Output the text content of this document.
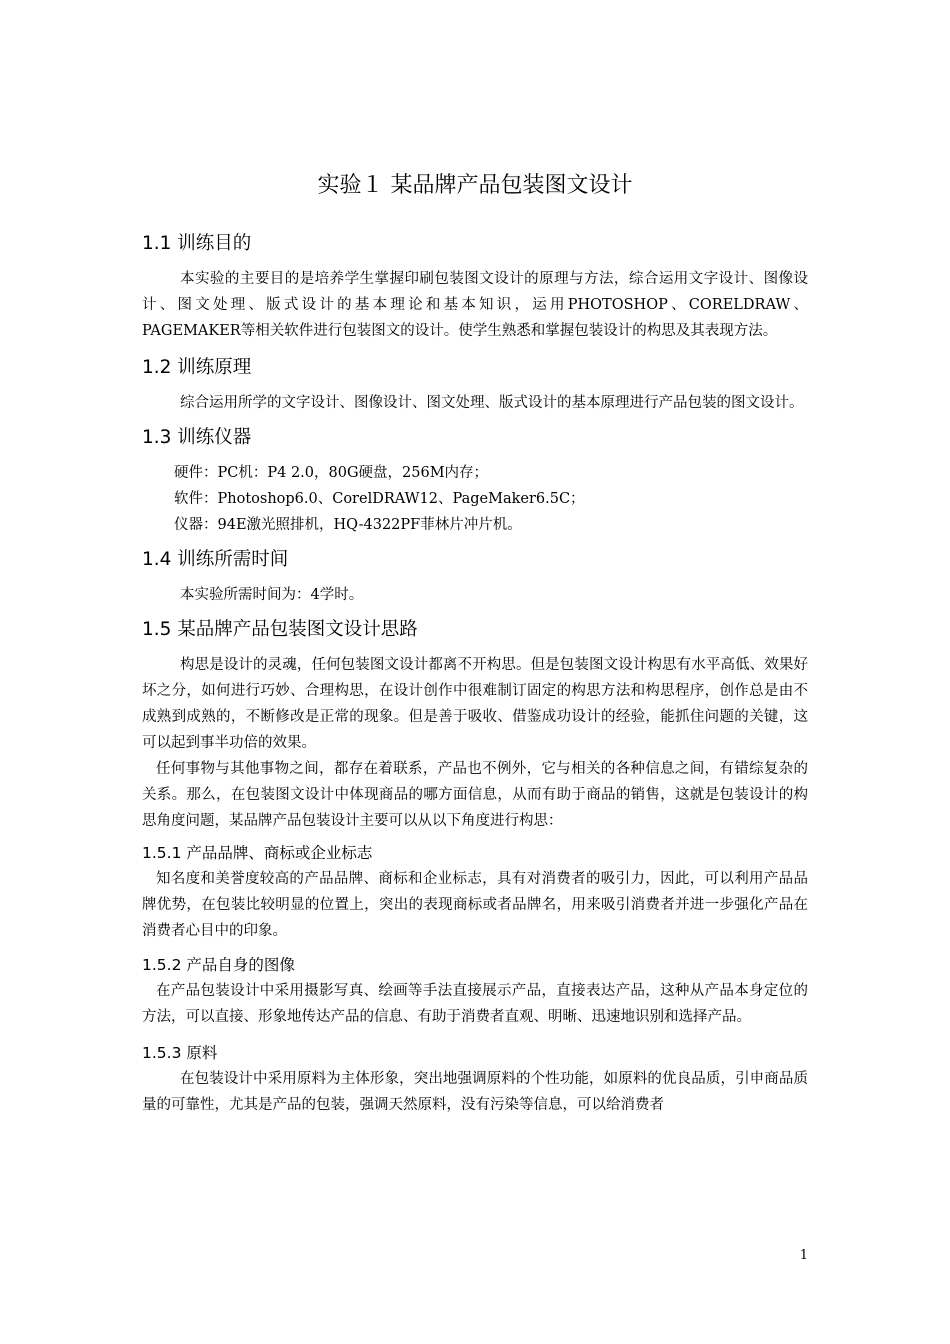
实验１ 某品牌产品包装图文设计
1.1 训练目的

本实验的主要目的是培养学生掌握印刷包装图文设计的原理与方法，综合运用文字设计、图像设计、图文处理、版式设计的基本理论和基本知识，运用PHOTOSHOP、CORELDRAW、PAGEMAKER等相关软件进行包装图文的设计。使学生熟悉和掌握包装设计的构思及其表现方法。

1.2 训练原理

综合运用所学的文字设计、图像设计、图文处理、版式设计的基本原理进行产品包装的图文设计。

1.3 训练仪器

硬件：PC机：P4 2.0，80G硬盘，256M内存；

软件：Photoshop6.0、CorelDRAW12、PageMaker6.5C；

仪器：94E激光照排机，HQ-4322PF菲林片冲片机。

1.4 训练所需时间

本实验所需时间为：4学时。

1.5 某品牌产品包装图文设计思路

构思是设计的灵魂，任何包装图文设计都离不开构思。但是包装图文设计构思有水平高低、效果好坏之分，如何进行巧妙、合理构思，在设计创作中很难制订固定的构思方法和构思程序，创作总是由不成熟到成熟的，不断修改是正常的现象。但是善于吸收、借鉴成功设计的经验，能抓住问题的关键，这可以起到事半功倍的效果。

任何事物与其他事物之间，都存在着联系，产品也不例外，它与相关的各种信息之间，有错综复杂的关系。那么，在包装图文设计中体现商品的哪方面信息，从而有助于商品的销售，这就是包装设计的构思角度问题，某品牌产品包装设计主要可以从以下角度进行构思：

1.5.1 产品品牌、商标或企业标志

知名度和美誉度较高的产品品牌、商标和企业标志，具有对消费者的吸引力，因此，可以利用产品品牌优势，在包装比较明显的位置上，突出的表现商标或者品牌名，用来吸引消费者并进一步强化产品在消费者心目中的印象。

1.5.2 产品自身的图像

在产品包装设计中采用摄影写真、绘画等手法直接展示产品，直接表达产品，这种从产品本身定位的方法，可以直接、形象地传达产品的信息、有助于消费者直观、明晰、迅速地识别和选择产品。

1.5.3 原料

在包装设计中采用原料为主体形象，突出地强调原料的个性功能，如原料的优良品质，引申商品质量的可靠性，尤其是产品的包装，强调天然原料，没有污染等信息，可以给消费者

1
